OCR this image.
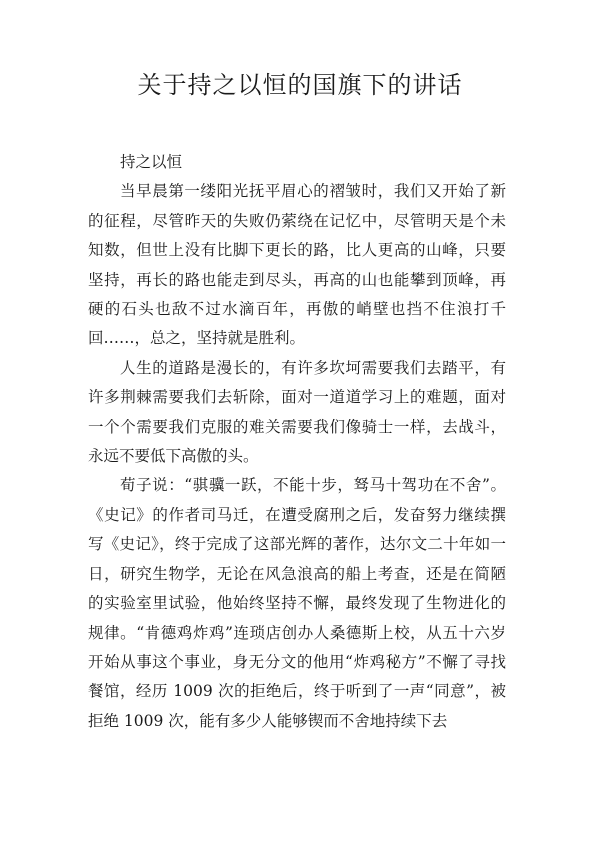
关于持之以恒的国旗下的讲话

持之以恒

当早晨第一缕阳光抚平眉心的褶皱时，我们又开始了新的征程，尽管昨天的失败仍萦绕在记忆中，尽管明天是个未知数，但世上没有比脚下更长的路，比人更高的山峰，只要坚持，再长的路也能走到尽头，再高的山也能攀到顶峰，再硬的石头也敌不过水滴百年，再傲的峭壁也挡不住浪打千回……，总之，坚持就是胜利。

人生的道路是漫长的，有许多坎坷需要我们去踏平，有许多荆棘需要我们去斩除，面对一道道学习上的难题，面对一个个需要我们克服的难关需要我们像骑士一样，去战斗，永远不要低下高傲的头。

荀子说：“骐骥一跃，不能十步，驽马十驾功在不舍”。《史记》的作者司马迁，在遭受腐刑之后，发奋努力继续撰写《史记》，终于完成了这部光辉的著作，达尔文二十年如一日，研究生物学，无论在风急浪高的船上考查，还是在简陋的实验室里试验，他始终坚持不懈，最终发现了生物进化的规律。“肯德鸡炸鸡”连琐店创办人桑德斯上校，从五十六岁开始从事这个事业，身无分文的他用“炸鸡秘方”不懈了寻找餐馆，经历 1009 次的拒绝后，终于听到了一声“同意”，被拒绝 1009 次，能有多少人能够锲而不舍地持续下去
